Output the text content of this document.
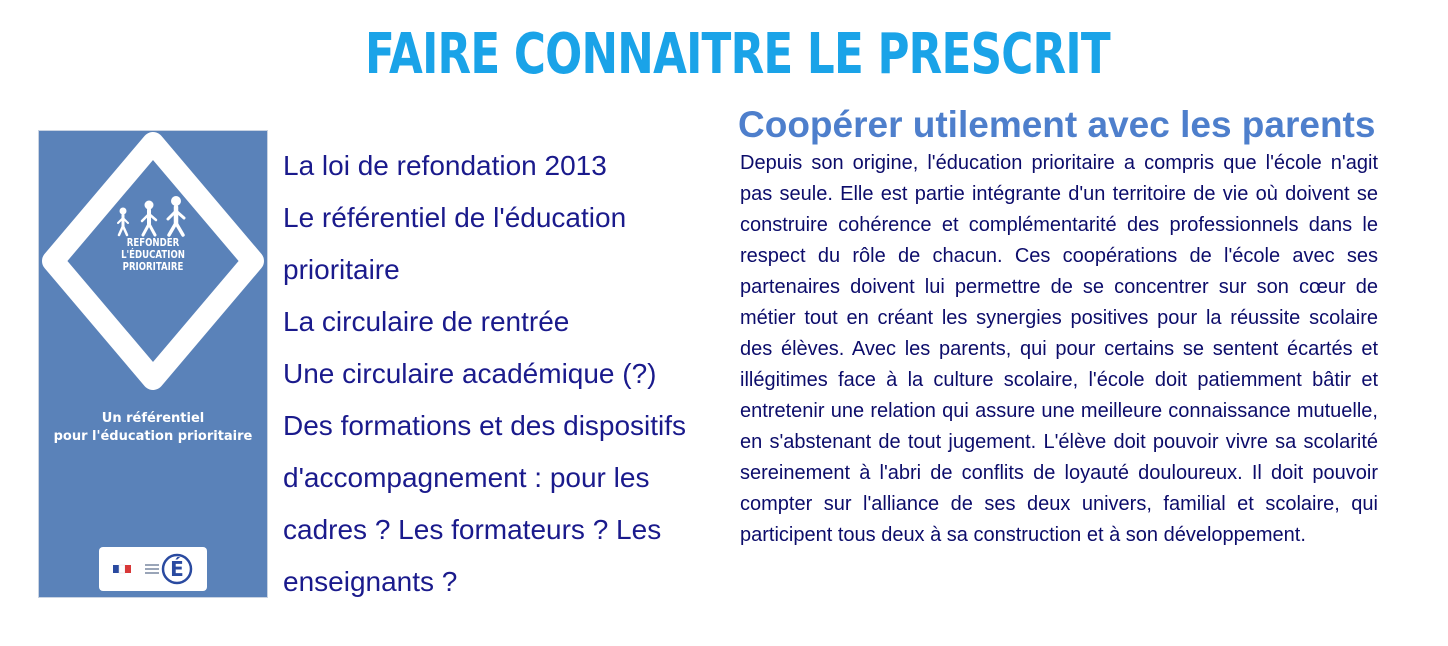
FAIRE CONNAITRE LE PRESCRIT
REFONDER
L'ÉDUCATION
PRIORITAIRE
Un référentiel
pour l'éducation prioritaire
É
La loi de refondation 2013
Le référentiel de l'éducation prioritaire
La circulaire de rentrée
Une circulaire académique (?)
Des formations et des dispositifs d'accompagnement : pour les cadres ? Les formateurs ? Les enseignants ?
Coopérer utilement avec les parents

Depuis son origine, l'éducation prioritaire a compris que l'école n'agit pas seule. Elle est partie intégrante d'un territoire de vie où doivent se construire cohérence et complémentarité des professionnels dans le respect du rôle de chacun. Ces coopérations de l'école avec ses partenaires doivent lui permettre de se concentrer sur son cœur de métier tout en créant les synergies positives pour la réussite scolaire des élèves. Avec les parents, qui pour certains se sentent écartés et illégitimes face à la culture scolaire, l'école doit patiemment bâtir et entretenir une relation qui assure une meilleure connaissance mutuelle, en s'abstenant de tout jugement. L'élève doit pouvoir vivre sa scolarité sereinement à l'abri de conflits de loyauté douloureux. Il doit pouvoir compter sur l'alliance de ses deux univers, familial et scolaire, qui participent tous deux à sa construction et à son développement.
